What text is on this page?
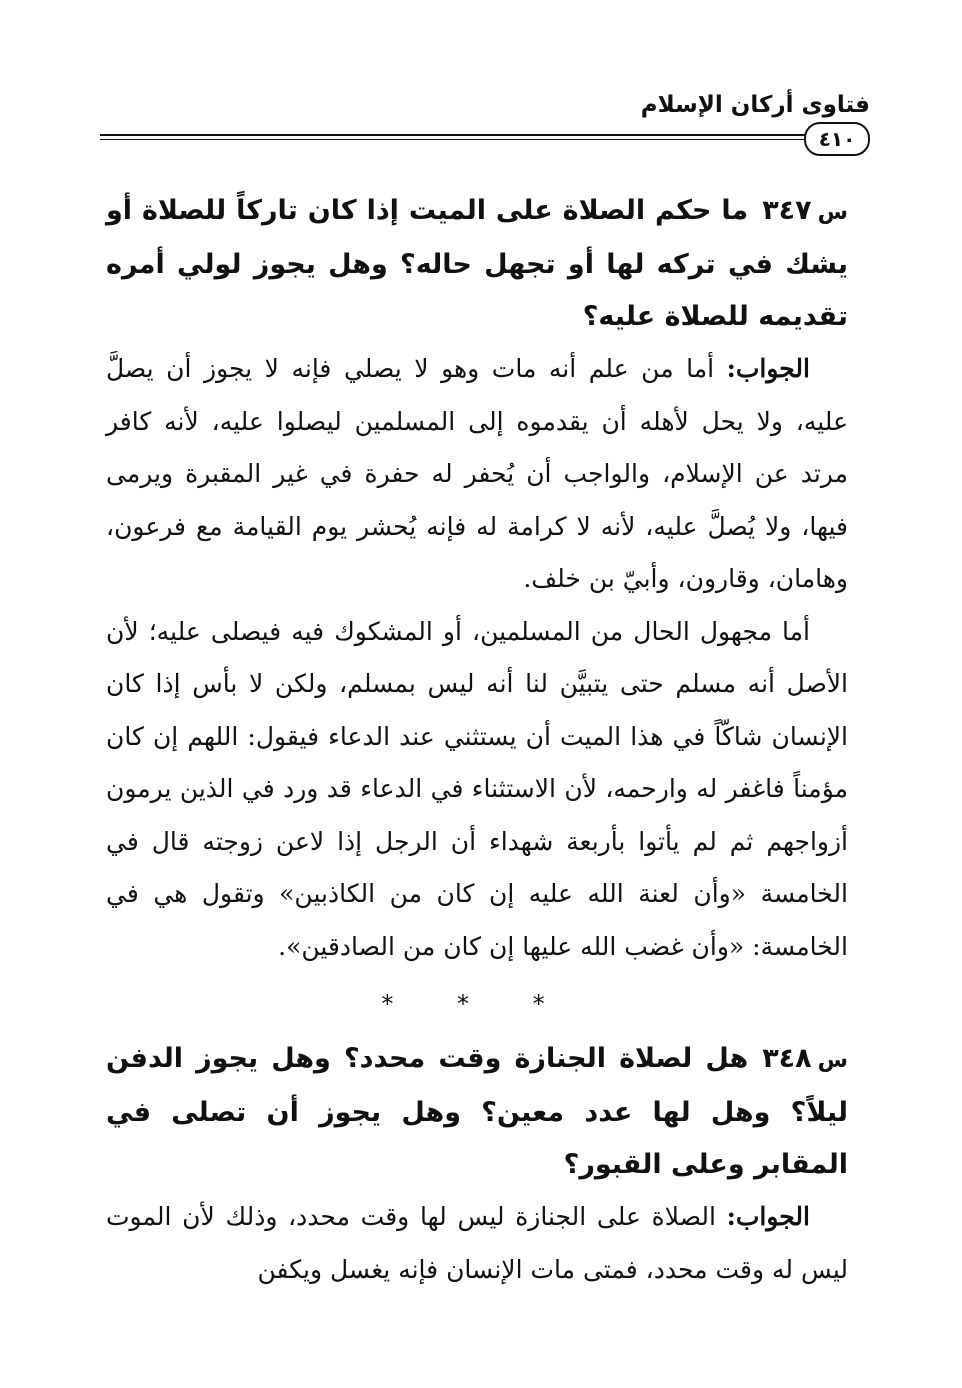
فتاوى أركان الإسلام
٤١٠

س٣٤٧ما حكم الصلاة على الميت إذا كان تاركاً للصلاة أو يشك في تركه لها أو تجهل حاله؟ وهل يجوز لولي أمره تقديمه للصلاة عليه؟

الجواب: أما من علم أنه مات وهو لا يصلي فإنه لا يجوز أن يصلَّ عليه، ولا يحل لأهله أن يقدموه إلى المسلمين ليصلوا عليه، لأنه كافر مرتد عن الإسلام، والواجب أن يُحفر له حفرة في غير المقبرة ويرمى فيها، ولا يُصلَّ عليه، لأنه لا كرامة له فإنه يُحشر يوم القيامة مع فرعون، وهامان، وقارون، وأبيّ بن خلف.

أما مجهول الحال من المسلمين، أو المشكوك فيه فيصلى عليه؛ لأن الأصل أنه مسلم حتى يتبيَّن لنا أنه ليس بمسلم، ولكن لا بأس إذا كان الإنسان شاكّاً في هذا الميت أن يستثني عند الدعاء فيقول: اللهم إن كان مؤمناً فاغفر له وارحمه، لأن الاستثناء في الدعاء قد ورد في الذين يرمون أزواجهم ثم لم يأتوا بأربعة شهداء أن الرجل إذا لاعن زوجته قال في الخامسة «وأن لعنة الله عليه إن كان من الكاذبين» وتقول هي في الخامسة: «وأن غضب الله عليها إن كان من الصادقين».

* * *

س٣٤٨هل لصلاة الجنازة وقت محدد؟ وهل يجوز الدفن ليلاً؟ وهل لها عدد معين؟ وهل يجوز أن تصلى في المقابر وعلى القبور؟

الجواب: الصلاة على الجنازة ليس لها وقت محدد، وذلك لأن الموت ليس له وقت محدد، فمتى مات الإنسان فإنه يغسل ويكفن
